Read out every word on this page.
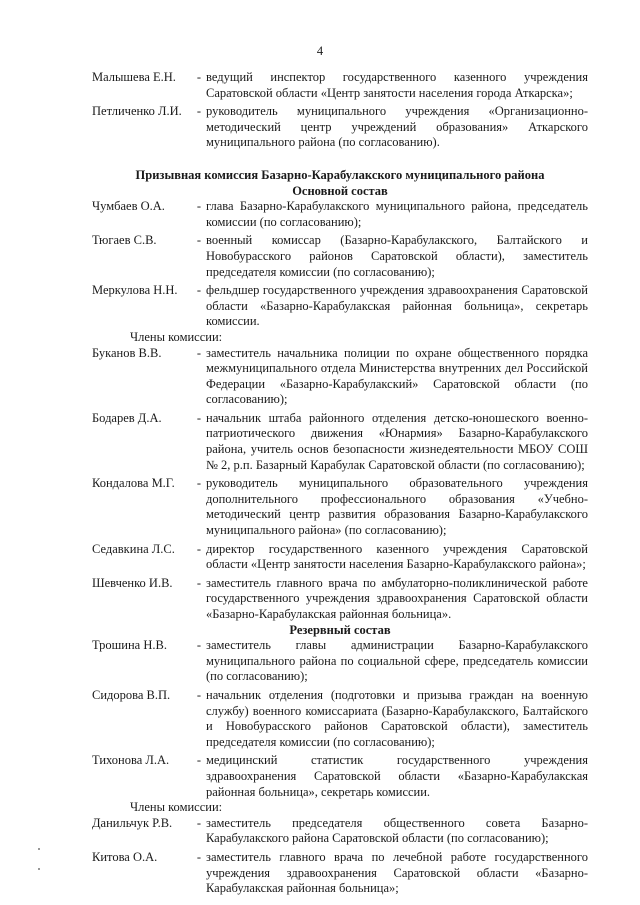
4
Малышева Е.Н.	- ведущий инспектор государственного казенного учреждения Саратовской области «Центр занятости населения города Аткарска»;
Петличенко Л.И.	- руководитель муниципального учреждения «Организационно-методический центр учреждений образования» Аткарского муниципального района (по согласованию).
Призывная комиссия Базарно-Карабулакского муниципального района
Основной состав
Чумбаев О.А.	- глава Базарно-Карабулакского муниципального района, председатель комиссии (по согласованию);
Тюгаев С.В.	- военный комиссар (Базарно-Карабулакского, Балтайского и Новобурасского районов Саратовской области), заместитель председателя комиссии (по согласованию);
Меркулова Н.Н.	- фельдшер государственного учреждения здравоохранения Саратовской области «Базарно-Карабулакская районная больница», секретарь комиссии.
Члены комиссии:
Буканов В.В.	- заместитель начальника полиции по охране общественного порядка межмуниципального отдела Министерства внутренних дел Российской Федерации «Базарно-Карабулакский» Саратовской области (по согласованию);
Бодарев Д.А.	- начальник штаба районного отделения детско-юношеского военно-патриотического движения «Юнармия» Базарно-Карабулакского района, учитель основ безопасности жизнедеятельности МБОУ СОШ № 2, р.п. Базарный Карабулак Саратовской области (по согласованию);
Кондалова М.Г.	- руководитель муниципального образовательного учреждения дополнительного профессионального образования «Учебно-методический центр развития образования Базарно-Карабулакского муниципального района» (по согласованию);
Седавкина Л.С.	- директор государственного казенного учреждения Саратовской области «Центр занятости населения Базарно-Карабулакского района»;
Шевченко И.В.	- заместитель главного врача по амбулаторно-поликлинической работе государственного учреждения здравоохранения Саратовской области «Базарно-Карабулакская районная больница».
Резервный состав
Трошина Н.В.	- заместитель главы администрации Базарно-Карабулакского муниципального района по социальной сфере, председатель комиссии (по согласованию);
Сидорова В.П.	- начальник отделения (подготовки и призыва граждан на военную службу) военного комиссариата (Базарно-Карабулакского, Балтайского и Новобурасского районов Саратовской области), заместитель председателя комиссии (по согласованию);
Тихонова Л.А.	- медицинский статистик государственного учреждения здравоохранения Саратовской области «Базарно-Карабулакская районная больница», секретарь комиссии.
Члены комиссии:
Данильчук Р.В.	- заместитель председателя общественного совета Базарно-Карабулакского района Саратовской области (по согласованию);
Китова О.А.	- заместитель главного врача по лечебной работе государственного учреждения здравоохранения Саратовской области «Базарно-Карабулакская районная больница»;
